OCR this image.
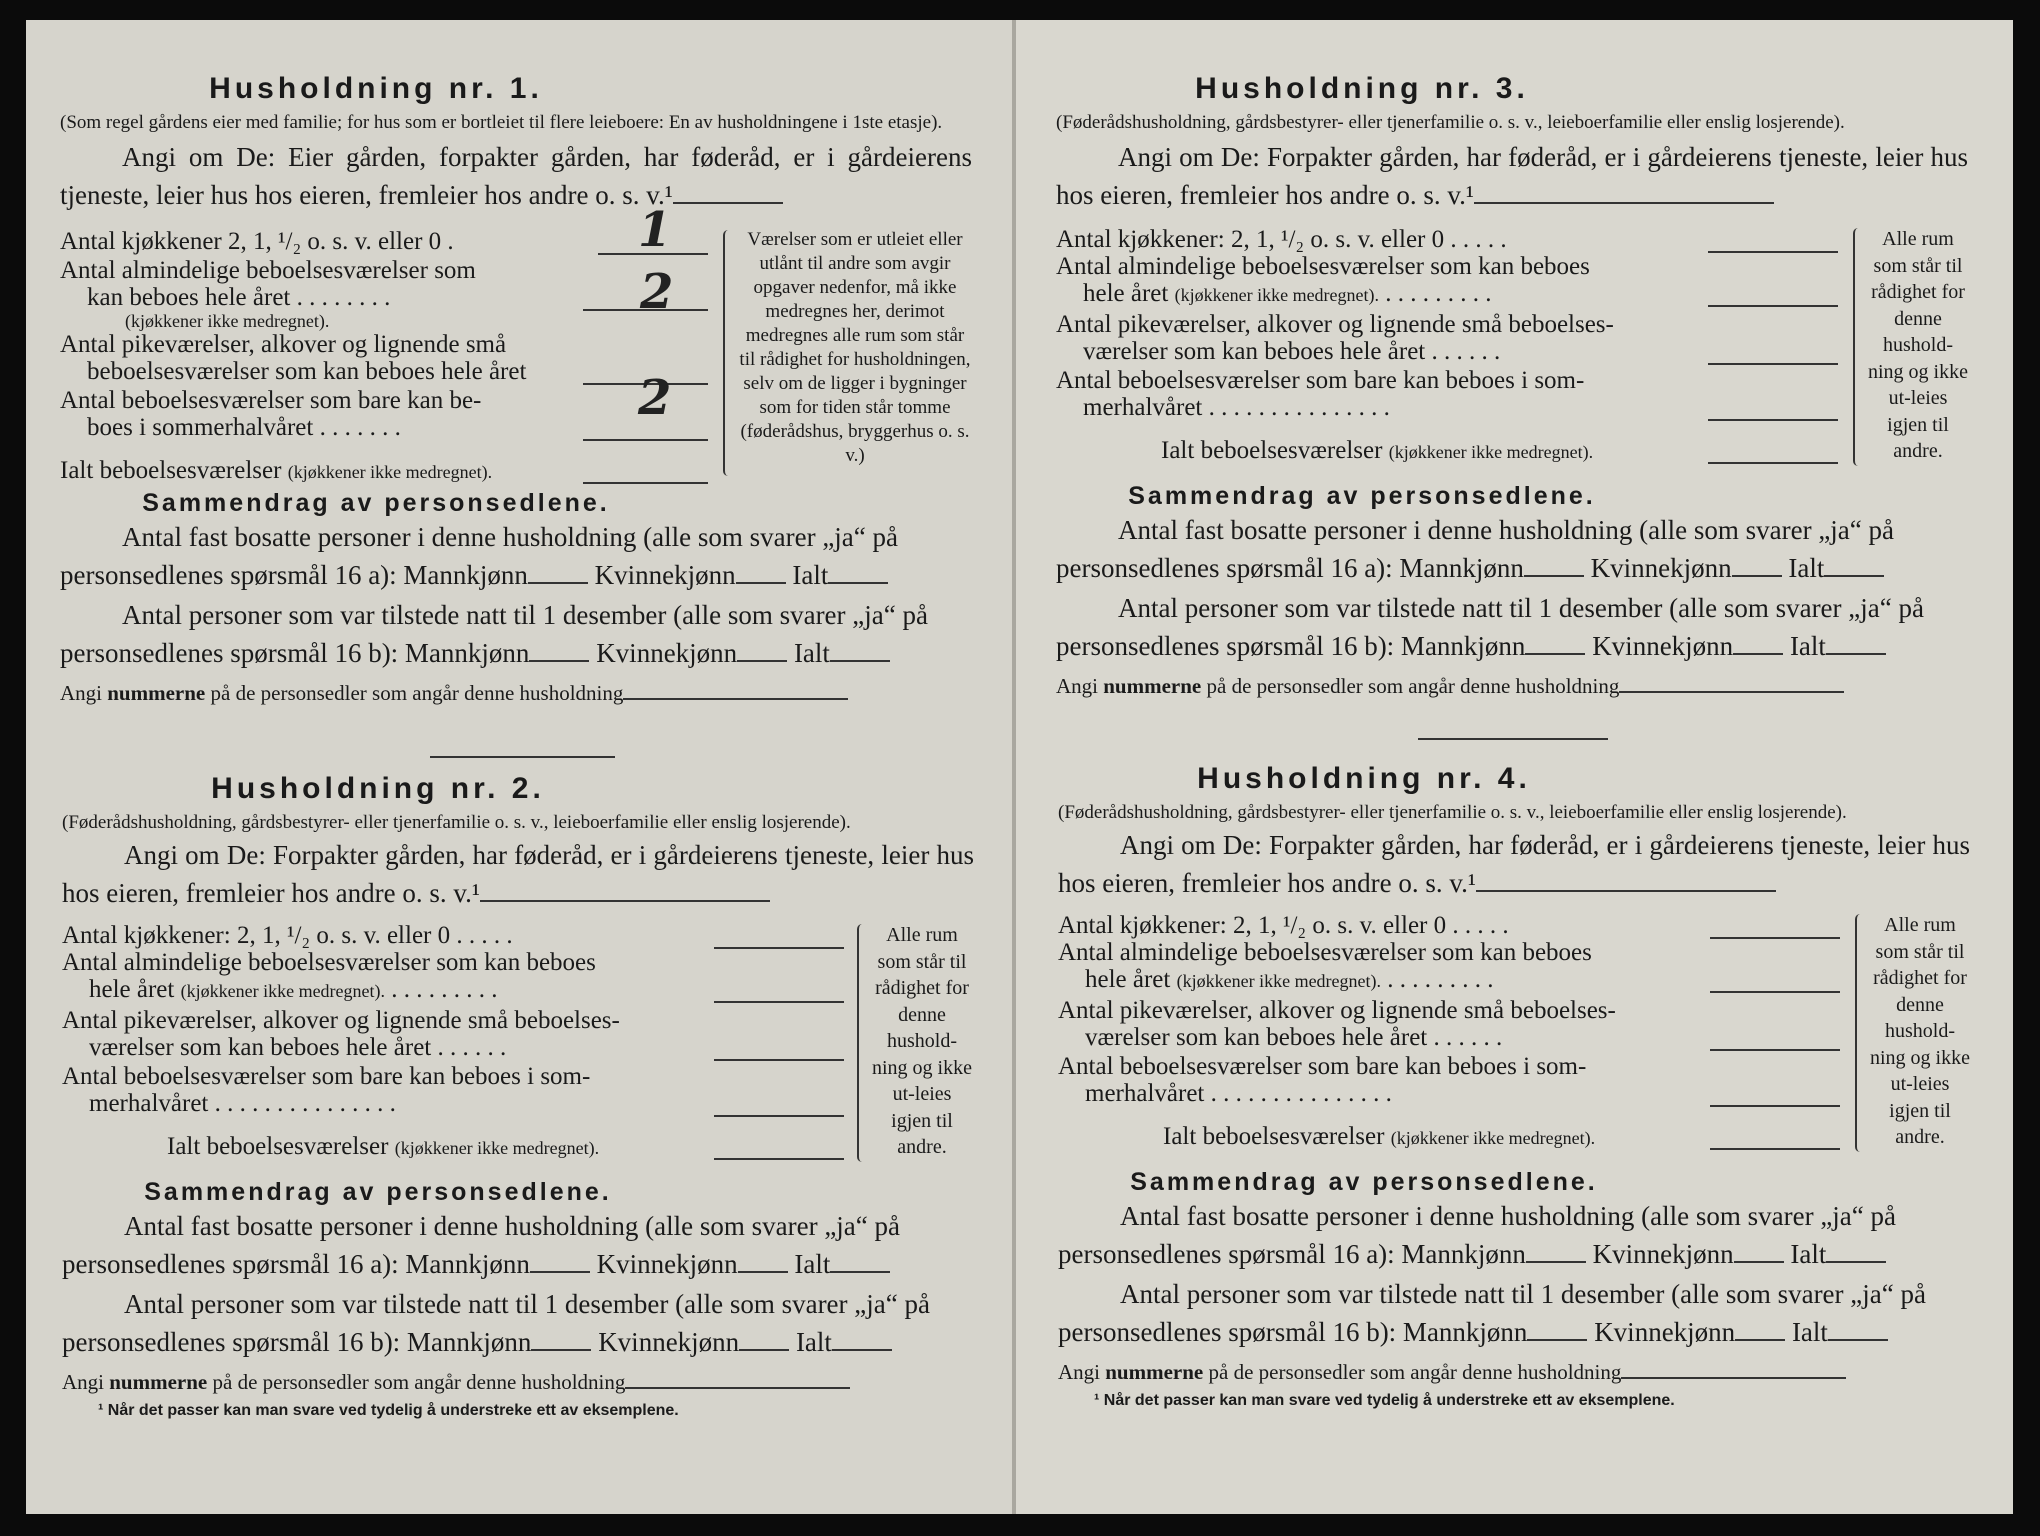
Husholdning nr. 1.
(Som regel gårdens eier med familie; for hus som er bortleiet til flere leieboere: En av husholdningene i 1ste etasje).
Angi om De: Eier gården, forpakter gården, har føderåd, er i gårdeierens tjeneste, leier hus hos eieren, fremleier hos andre o. s. v.¹
Antal kjøkkener 2, 1, ¹/₂ o. s. v. eller 0 .	1
Antal almindelige beboelsesværelser som
kan beboes hele året . . . . . . . .	2
(kjøkkener ikke medregnet).
Antal pikeværelser, alkover og lignende små
beboelsesværelser som kan beboes hele året
Antal beboelsesværelser som bare kan be-
boes i sommerhalvåret . . . . . . .
2
Ialt beboelsesværelser (kjøkkener ikke medregnet).
Værelser som er utleiet eller utlånt til andre som avgir opgaver nedenfor, må ikke medregnes her, derimot medregnes alle rum som står til rådighet for husholdningen, selv om de ligger i bygninger som for tiden står tomme (føderådshus, bryggerhus o. s. v.)
Sammendrag av personsedlene.
Antal fast bosatte personer i denne husholdning (alle som svarer „ja“ på
personsedlenes spørsmål 16 a): Mannkjønn Kvinnekjønn Ialt
Antal personer som var tilstede natt til 1 desember (alle som svarer „ja“ på
personsedlenes spørsmål 16 b): Mannkjønn Kvinnekjønn Ialt
Angi nummerne på de personsedler som angår denne husholdning
Husholdning nr. 2.
(Føderådshusholdning, gårdsbestyrer- eller tjenerfamilie o. s. v., leieboerfamilie eller enslig losjerende).
Angi om De: Forpakter gården, har føderåd, er i gårdeierens tjeneste, leier hus hos eieren, fremleier hos andre o. s. v.¹
Antal kjøkkener: 2, 1, ¹/₂ o. s. v. eller 0 . . . . .
Antal almindelige beboelsesværelser som kan beboes
hele året (kjøkkener ikke medregnet). . . . . . . . . .
Antal pikeværelser, alkover og lignende små beboelses-
værelser som kan beboes hele året . . . . . .
Antal beboelsesværelser som bare kan beboes i som-
merhalvåret . . . . . . . . . . . . . . .
Ialt beboelsesværelser (kjøkkener ikke medregnet).
Alle rum som står til rådighet for denne hushold-ning og ikke ut-leies igjen til andre.
Sammendrag av personsedlene.
Antal fast bosatte personer i denne husholdning (alle som svarer „ja“ på
personsedlenes spørsmål 16 a): Mannkjønn Kvinnekjønn Ialt
Antal personer som var tilstede natt til 1 desember (alle som svarer „ja“ på
personsedlenes spørsmål 16 b): Mannkjønn Kvinnekjønn Ialt
Angi nummerne på de personsedler som angår denne husholdning
¹ Når det passer kan man svare ved tydelig å understreke ett av eksemplene.
Husholdning nr. 3.
(Føderådshusholdning, gårdsbestyrer- eller tjenerfamilie o. s. v., leieboerfamilie eller enslig losjerende).
Angi om De: Forpakter gården, har føderåd, er i gårdeierens tjeneste, leier hus hos eieren, fremleier hos andre o. s. v.¹
Antal kjøkkener: 2, 1, ¹/₂ o. s. v. eller 0 . . . . .
Antal almindelige beboelsesværelser som kan beboes
hele året (kjøkkener ikke medregnet). . . . . . . . . .
Antal pikeværelser, alkover og lignende små beboelses-
værelser som kan beboes hele året . . . . . .
Antal beboelsesværelser som bare kan beboes i som-
merhalvåret . . . . . . . . . . . . . . .
Ialt beboelsesværelser (kjøkkener ikke medregnet).
Alle rum som står til rådighet for denne hushold-ning og ikke ut-leies igjen til andre.
Sammendrag av personsedlene.
Antal fast bosatte personer i denne husholdning (alle som svarer „ja“ på
personsedlenes spørsmål 16 a): Mannkjønn Kvinnekjønn Ialt
Antal personer som var tilstede natt til 1 desember (alle som svarer „ja“ på
personsedlenes spørsmål 16 b): Mannkjønn Kvinnekjønn Ialt
Angi nummerne på de personsedler som angår denne husholdning
Husholdning nr. 4.
(Føderådshusholdning, gårdsbestyrer- eller tjenerfamilie o. s. v., leieboerfamilie eller enslig losjerende).
Angi om De: Forpakter gården, har føderåd, er i gårdeierens tjeneste, leier hus hos eieren, fremleier hos andre o. s. v.¹
Antal kjøkkener: 2, 1, ¹/₂ o. s. v. eller 0 . . . . .
Antal almindelige beboelsesværelser som kan beboes
hele året (kjøkkener ikke medregnet). . . . . . . . . .
Antal pikeværelser, alkover og lignende små beboelses-
værelser som kan beboes hele året . . . . . .
Antal beboelsesværelser som bare kan beboes i som-
merhalvåret . . . . . . . . . . . . . . .
Ialt beboelsesværelser (kjøkkener ikke medregnet).
Alle rum som står til rådighet for denne hushold-ning og ikke ut-leies igjen til andre.
Sammendrag av personsedlene.
Antal fast bosatte personer i denne husholdning (alle som svarer „ja“ på
personsedlenes spørsmål 16 a): Mannkjønn Kvinnekjønn Ialt
Antal personer som var tilstede natt til 1 desember (alle som svarer „ja“ på
personsedlenes spørsmål 16 b): Mannkjønn Kvinnekjønn Ialt
Angi nummerne på de personsedler som angår denne husholdning
¹ Når det passer kan man svare ved tydelig å understreke ett av eksemplene.
